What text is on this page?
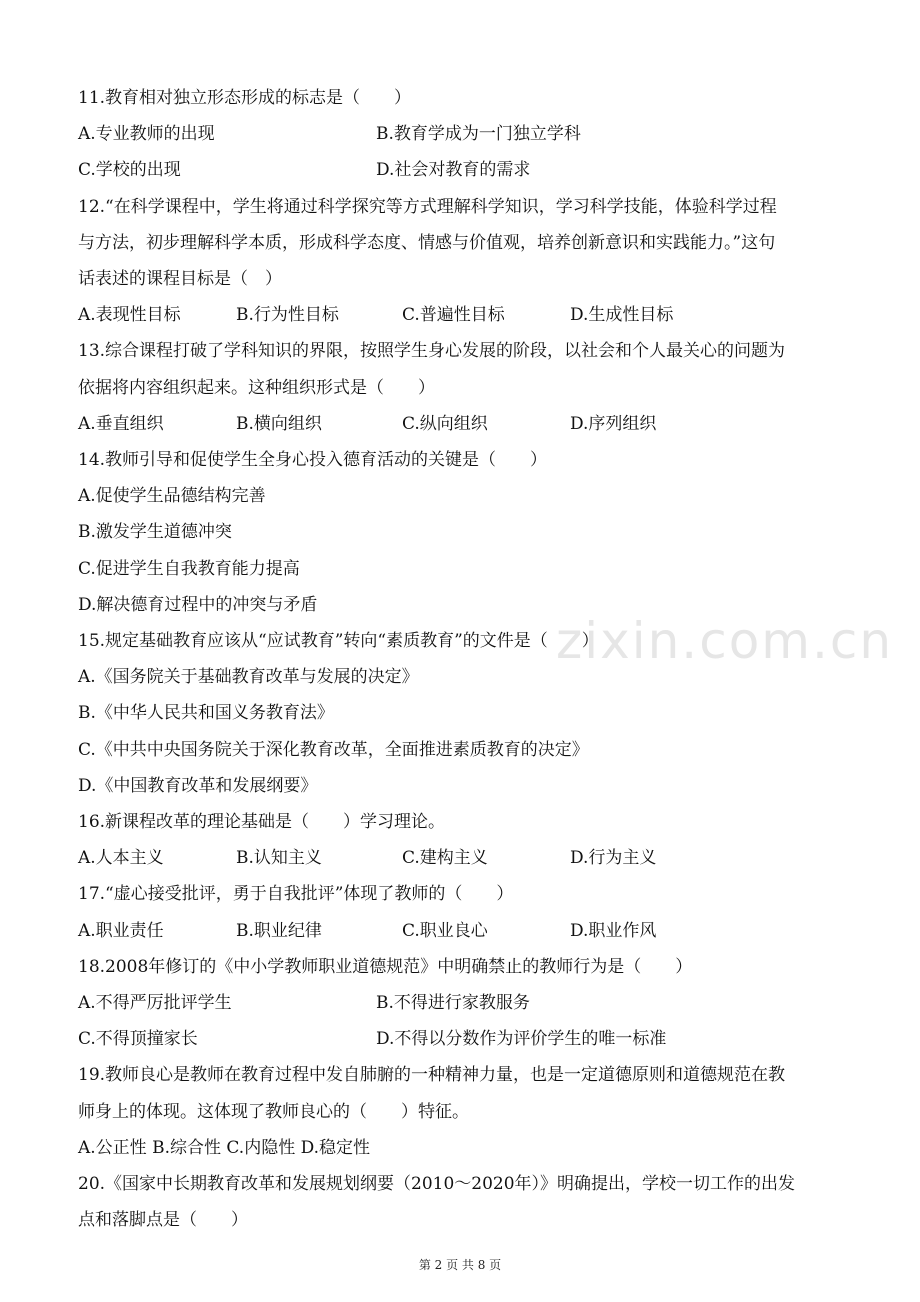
11.教育相对独立形态形成的标志是（　　）
A.专业教师的出现	B.教育学成为一门独立学科
C.学校的出现	D.社会对教育的需求
12.“在科学课程中，学生将通过科学探究等方式理解科学知识，学习科学技能，体验科学过程
与方法，初步理解科学本质，形成科学态度、情感与价值观，培养创新意识和实践能力。”这句
话表述的课程目标是（　）
A.表现性目标	B.行为性目标	C.普遍性目标	D.生成性目标
13.综合课程打破了学科知识的界限，按照学生身心发展的阶段，以社会和个人最关心的问题为
依据将内容组织起来。这种组织形式是（　　）
A.垂直组织	B.横向组织	C.纵向组织	D.序列组织
14.教师引导和促使学生全身心投入德育活动的关键是（　　）
A.促使学生品德结构完善
B.激发学生道德冲突
C.促进学生自我教育能力提高
D.解决德育过程中的冲突与矛盾
15.规定基础教育应该从“应试教育”转向“素质教育”的文件是（　　）
A.《国务院关于基础教育改革与发展的决定》
B.《中华人民共和国义务教育法》
C.《中共中央国务院关于深化教育改革，全面推进素质教育的决定》
D.《中国教育改革和发展纲要》
16.新课程改革的理论基础是（　　）学习理论。
A.人本主义	B.认知主义	C.建构主义	D.行为主义
17.“虚心接受批评，勇于自我批评”体现了教师的（　　）
A.职业责任	B.职业纪律	C.职业良心	D.职业作风
18.2008年修订的《中小学教师职业道德规范》中明确禁止的教师行为是（　　）
A.不得严厉批评学生	B.不得进行家教服务
C.不得顶撞家长	D.不得以分数作为评价学生的唯一标准
19.教师良心是教师在教育过程中发自肺腑的一种精神力量，也是一定道德原则和道德规范在教
师身上的体现。这体现了教师良心的（　　）特征。
A.公正性 B.综合性 C.内隐性 D.稳定性
20.《国家中长期教育改革和发展规划纲要（2010～2020年）》明确提出，学校一切工作的出发
点和落脚点是（　　）
zixin.com.cn
第 2 页 共 8 页
